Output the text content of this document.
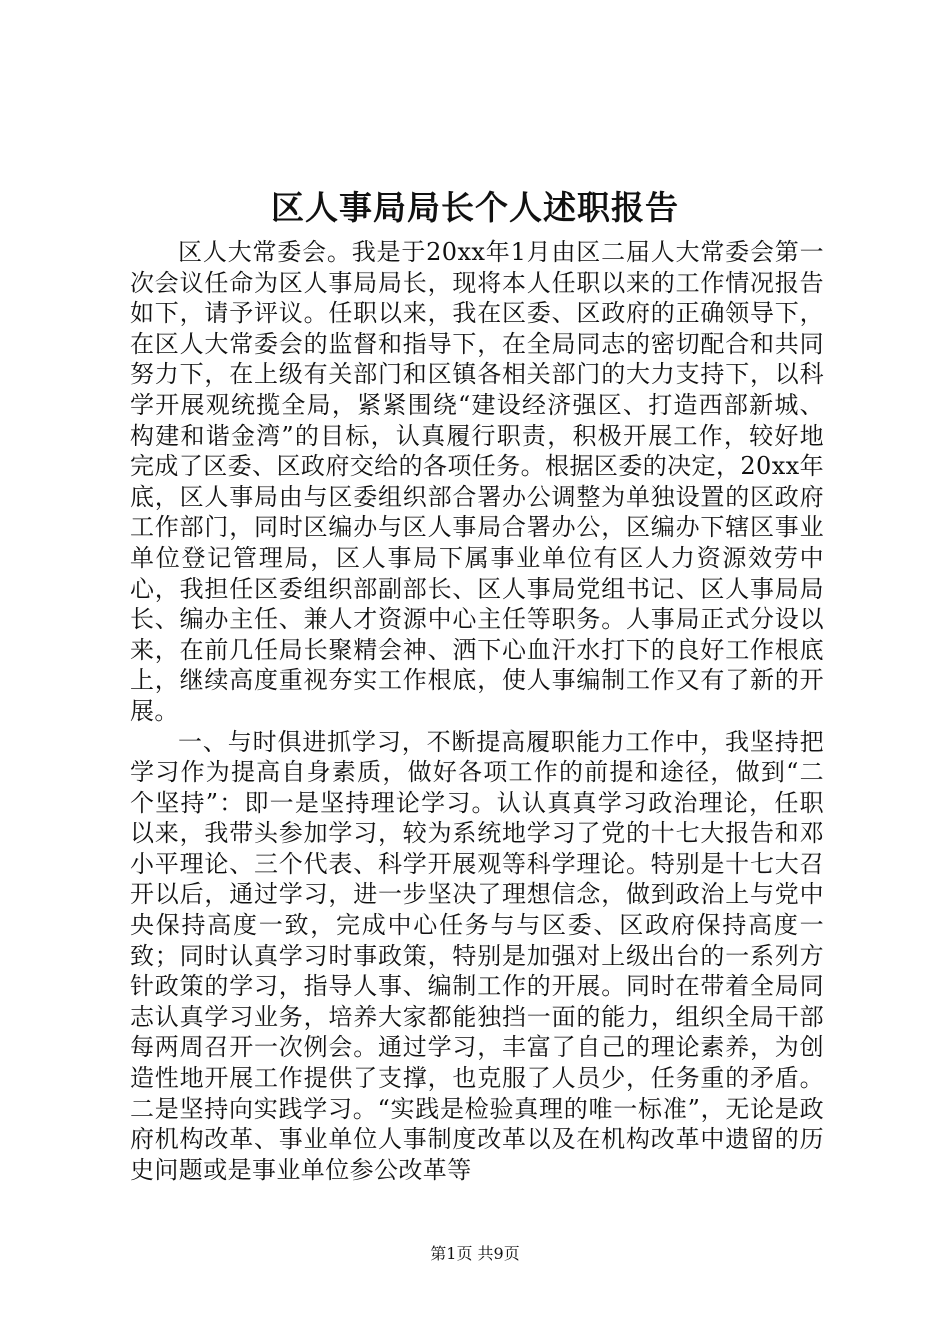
区人事局局长个人述职报告

区人大常委会。我是于20xx年1月由区二届人大常委会第一次会议任命为区人事局局长，现将本人任职以来的工作情况报告如下，请予评议。任职以来，我在区委、区政府的正确领导下，在区人大常委会的监督和指导下，在全局同志的密切配合和共同努力下，在上级有关部门和区镇各相关部门的大力支持下，以科学开展观统揽全局，紧紧围绕“建设经济强区、打造西部新城、构建和谐金湾”的目标，认真履行职责，积极开展工作，较好地完成了区委、区政府交给的各项任务。根据区委的决定，20xx年底，区人事局由与区委组织部合署办公调整为单独设置的区政府工作部门，同时区编办与区人事局合署办公，区编办下辖区事业单位登记管理局，区人事局下属事业单位有区人力资源效劳中心，我担任区委组织部副部长、区人事局党组书记、区人事局局长、编办主任、兼人才资源中心主任等职务。人事局正式分设以来，在前几任局长聚精会神、洒下心血汗水打下的良好工作根底上，继续高度重视夯实工作根底，使人事编制工作又有了新的开展。

一、与时俱进抓学习，不断提高履职能力工作中，我坚持把学习作为提高自身素质，做好各项工作的前提和途径，做到“二个坚持”：即一是坚持理论学习。认认真真学习政治理论，任职以来，我带头参加学习，较为系统地学习了党的十七大报告和邓小平理论、三个代表、科学开展观等科学理论。特别是十七大召开以后，通过学习，进一步坚决了理想信念，做到政治上与党中央保持高度一致，完成中心任务与与区委、区政府保持高度一致；同时认真学习时事政策，特别是加强对上级出台的一系列方针政策的学习，指导人事、编制工作的开展。同时在带着全局同志认真学习业务，培养大家都能独挡一面的能力，组织全局干部每两周召开一次例会。通过学习，丰富了自己的理论素养，为创造性地开展工作提供了支撑，也克服了人员少，任务重的矛盾。二是坚持向实践学习。“实践是检验真理的唯一标准”，无论是政府机构改革、事业单位人事制度改革以及在机构改革中遗留的历史问题或是事业单位参公改革等

第1页 共9页
